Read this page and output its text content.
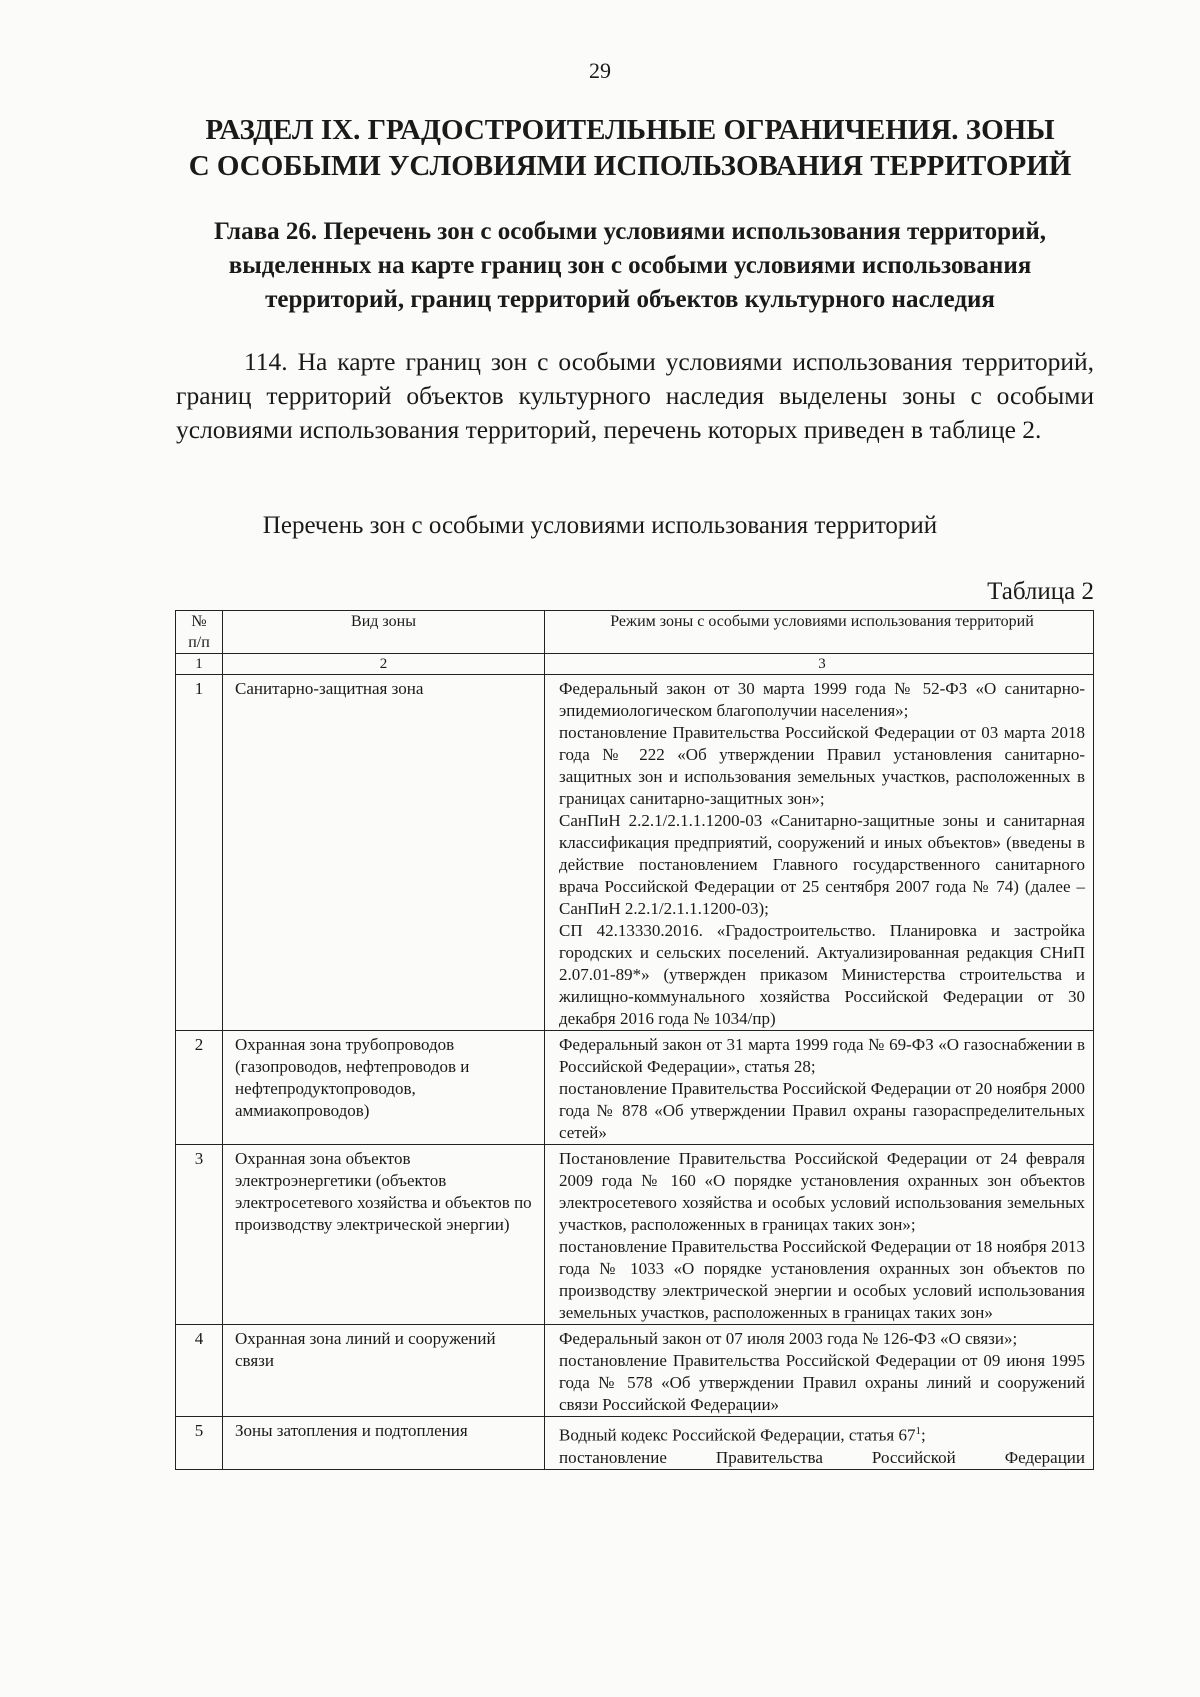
29
РАЗДЕЛ IX. ГРАДОСТРОИТЕЛЬНЫЕ ОГРАНИЧЕНИЯ. ЗОНЫ
С ОСОБЫМИ УСЛОВИЯМИ ИСПОЛЬЗОВАНИЯ ТЕРРИТОРИЙ
Глава 26. Перечень зон с особыми условиями использования территорий,
выделенных на карте границ зон с особыми условиями использования
территорий, границ территорий объектов культурного наследия

114. На карте границ зон с особыми условиями использования территорий, границ территорий объектов культурного наследия выделены зоны с особыми условиями использования территорий, перечень которых приведен в таблице 2.

Перечень зон с особыми условиями использования территорий
Таблица 2
№
п/п	Вид зоны	Режим зоны с особыми условиями использования территорий
1	2	3
1	Санитарно-защитная зона	Федеральный закон от 30 марта 1999 года № 52-ФЗ «О санитарно-эпидемиологическом благополучии населения»;
постановление Правительства Российской Федерации от 03 марта 2018 года № 222 «Об утверждении Правил установления санитарно-защитных зон и использования земельных участков, расположенных в границах санитарно-защитных зон»;
СанПиН 2.2.1/2.1.1.1200-03 «Санитарно-защитные зоны и санитарная классификация предприятий, сооружений и иных объектов» (введены в действие постановлением Главного государственного санитарного врача Российской Федерации от 25 сентября 2007 года № 74) (далее – СанПиН 2.2.1/2.1.1.1200-03);
СП 42.13330.2016. «Градостроительство. Планировка и застройка городских и сельских поселений. Актуализированная редакция СНиП 2.07.01-89*» (утвержден приказом Министерства строительства и жилищно-коммунального хозяйства Российской Федерации от 30 декабря 2016 года № 1034/пр)

2	Охранная зона трубопроводов (газопроводов, нефтепроводов и нефтепродуктопроводов, аммиакопроводов)	Федеральный закон от 31 марта 1999 года № 69-ФЗ «О газоснабжении в Российской Федерации», статья 28;
постановление Правительства Российской Федерации от 20 ноября 2000 года № 878 «Об утверждении Правил охраны газораспределительных сетей»

3	Охранная зона объектов электроэнергетики (объектов электросетевого хозяйства и объектов по производству электрической энергии)	Постановление Правительства Российской Федерации от 24 февраля 2009 года № 160 «О порядке установления охранных зон объектов электросетевого хозяйства и особых условий использования земельных участков, расположенных в границах таких зон»;
постановление Правительства Российской Федерации от 18 ноября 2013 года № 1033 «О порядке установления охранных зон объектов по производству электрической энергии и особых условий использования земельных участков, расположенных в границах таких зон»

4	Охранная зона линий и сооружений связи	Федеральный закон от 07 июля 2003 года № 126-ФЗ «О связи»;
постановление Правительства Российской Федерации от 09 июня 1995 года № 578 «Об утверждении Правил охраны линий и сооружений связи Российской Федерации»

5	Зоны затопления и подтопления	Водный кодекс Российской Федерации, статья $67^1$;
постановление Правительства Российской Федерации
